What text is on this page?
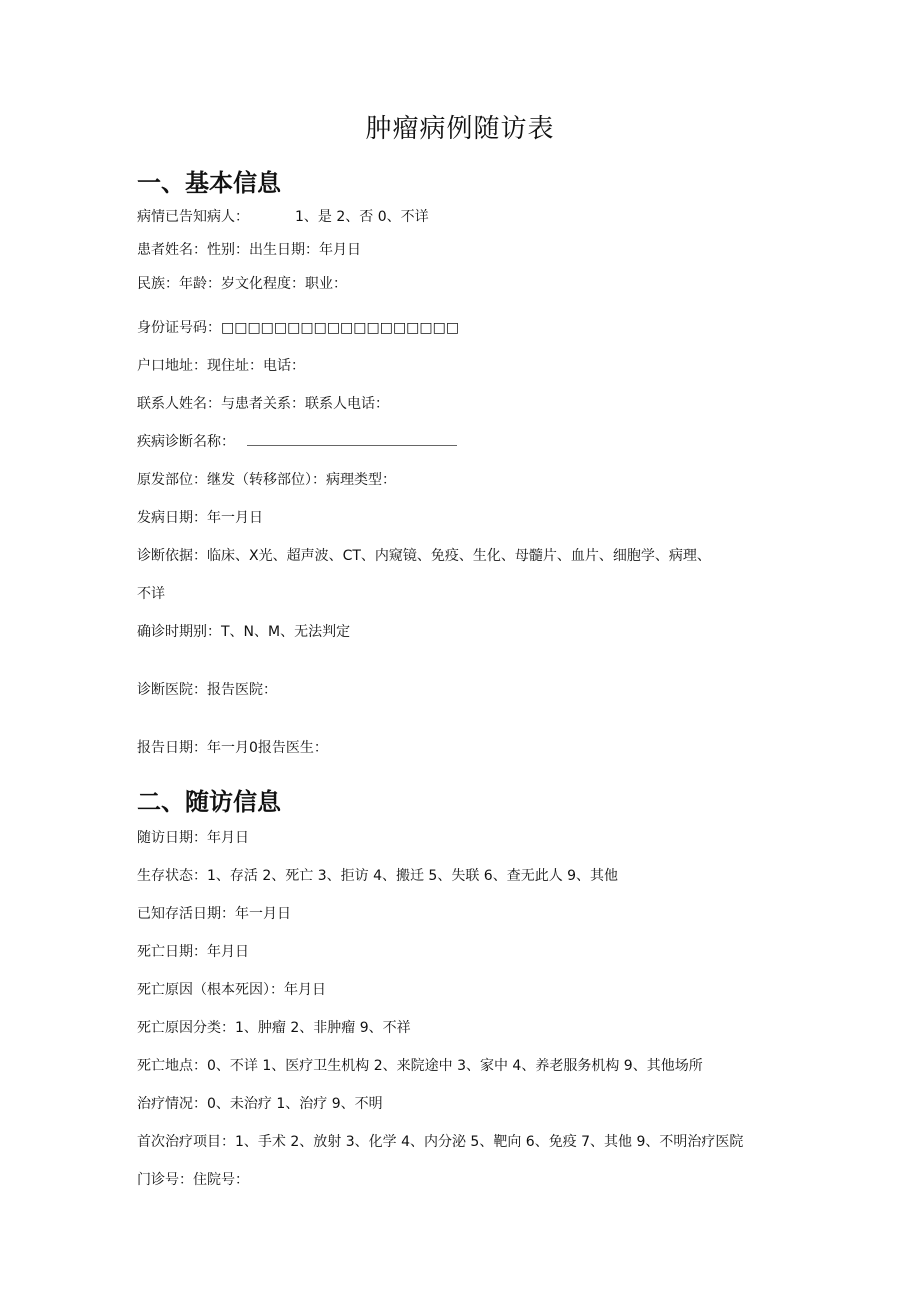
肿瘤病例随访表
一、基本信息
病情已告知病人：	1、是 2、否 0、不详
患者姓名：性别：出生日期：年月日
民族：年龄：岁文化程度：职业：
身份证号码：□□□□□□□□□□□□□□□□□□
户口地址：现住址：电话：
联系人姓名：与患者关系：联系人电话：
疾病诊断名称：
原发部位：继发（转移部位）：病理类型：
发病日期：年一月日
诊断依据：临床、X光、超声波、CT、内窥镜、免疫、生化、母髓片、血片、细胞学、病理、
不详
确诊时期别：T、N、M、无法判定
诊断医院：报告医院：
报告日期：年一月0报告医生：
二、随访信息
随访日期：年月日
生存状态：1、存活 2、死亡 3、拒访 4、搬迁 5、失联 6、查无此人 9、其他
已知存活日期：年一月日
死亡日期：年月日
死亡原因（根本死因）：年月日
死亡原因分类：1、肿瘤 2、非肿瘤 9、不祥
死亡地点：0、不详 1、医疗卫生机构 2、来院途中 3、家中 4、养老服务机构 9、其他场所
治疗情况：0、未治疗 1、治疗 9、不明
首次治疗项目：1、手术 2、放射 3、化学 4、内分泌 5、靶向 6、免疫 7、其他 9、不明治疗医院
门诊号：住院号：
